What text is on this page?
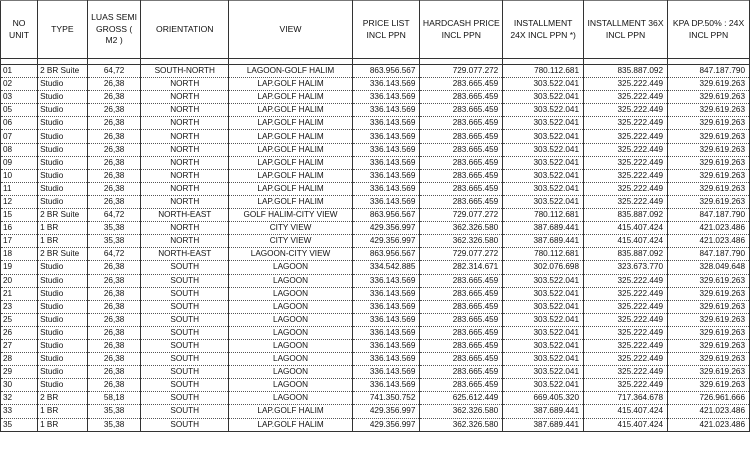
NO UNIT	TYPE	LUAS SEMI GROSS ( M2 )	ORIENTATION	VIEW	PRICE LIST INCL PPN	HARDCASH PRICE INCL PPN	INSTALLMENT 24X INCL PPN *)	INSTALLMENT 36X INCL PPN	KPA DP.50% : 24X INCL PPN

01	2 BR Suite	64,72	SOUTH-NORTH	LAGOON-GOLF HALIM	863.956.567	729.077.272	780.112.681	835.887.092	847.187.790
02	Studio	26,38	NORTH	LAP.GOLF HALIM	336.143.569	283.665.459	303.522.041	325.222.449	329.619.263
03	Studio	26,38	NORTH	LAP.GOLF HALIM	336.143.569	283.665.459	303.522.041	325.222.449	329.619.263
05	Studio	26,38	NORTH	LAP.GOLF HALIM	336.143.569	283.665.459	303.522.041	325.222.449	329.619.263
06	Studio	26,38	NORTH	LAP.GOLF HALIM	336.143.569	283.665.459	303.522.041	325.222.449	329.619.263
07	Studio	26,38	NORTH	LAP.GOLF HALIM	336.143.569	283.665.459	303.522.041	325.222.449	329.619.263
08	Studio	26,38	NORTH	LAP.GOLF HALIM	336.143.569	283.665.459	303.522.041	325.222.449	329.619.263
09	Studio	26,38	NORTH	LAP.GOLF HALIM	336.143.569	283.665.459	303.522.041	325.222.449	329.619.263
10	Studio	26,38	NORTH	LAP.GOLF HALIM	336.143.569	283.665.459	303.522.041	325.222.449	329.619.263
11	Studio	26,38	NORTH	LAP.GOLF HALIM	336.143.569	283.665.459	303.522.041	325.222.449	329.619.263
12	Studio	26,38	NORTH	LAP.GOLF HALIM	336.143.569	283.665.459	303.522.041	325.222.449	329.619.263
15	2 BR Suite	64,72	NORTH-EAST	GOLF HALIM-CITY VIEW	863.956.567	729.077.272	780.112.681	835.887.092	847.187.790
16	1 BR	35,38	NORTH	CITY VIEW	429.356.997	362.326.580	387.689.441	415.407.424	421.023.486
17	1 BR	35,38	NORTH	CITY VIEW	429.356.997	362.326.580	387.689.441	415.407.424	421.023.486
18	2 BR Suite	64,72	NORTH-EAST	LAGOON-CITY VIEW	863.956.567	729.077.272	780.112.681	835.887.092	847.187.790
19	Studio	26,38	SOUTH	LAGOON	334.542.885	282.314.671	302.076.698	323.673.770	328.049.648
20	Studio	26,38	SOUTH	LAGOON	336.143.569	283.665.459	303.522.041	325.222.449	329.619.263
21	Studio	26,38	SOUTH	LAGOON	336.143.569	283.665.459	303.522.041	325.222.449	329.619.263
23	Studio	26,38	SOUTH	LAGOON	336.143.569	283.665.459	303.522.041	325.222.449	329.619.263
25	Studio	26,38	SOUTH	LAGOON	336.143.569	283.665.459	303.522.041	325.222.449	329.619.263
26	Studio	26,38	SOUTH	LAGOON	336.143.569	283.665.459	303.522.041	325.222.449	329.619.263
27	Studio	26,38	SOUTH	LAGOON	336.143.569	283.665.459	303.522.041	325.222.449	329.619.263
28	Studio	26,38	SOUTH	LAGOON	336.143.569	283.665.459	303.522.041	325.222.449	329.619.263
29	Studio	26,38	SOUTH	LAGOON	336.143.569	283.665.459	303.522.041	325.222.449	329.619.263
30	Studio	26,38	SOUTH	LAGOON	336.143.569	283.665.459	303.522.041	325.222.449	329.619.263
32	2 BR	58,18	SOUTH	LAGOON	741.350.752	625.612.449	669.405.320	717.364.678	726.961.666
33	1 BR	35,38	SOUTH	LAP.GOLF HALIM	429.356.997	362.326.580	387.689.441	415.407.424	421.023.486
35	1 BR	35,38	SOUTH	LAP.GOLF HALIM	429.356.997	362.326.580	387.689.441	415.407.424	421.023.486
